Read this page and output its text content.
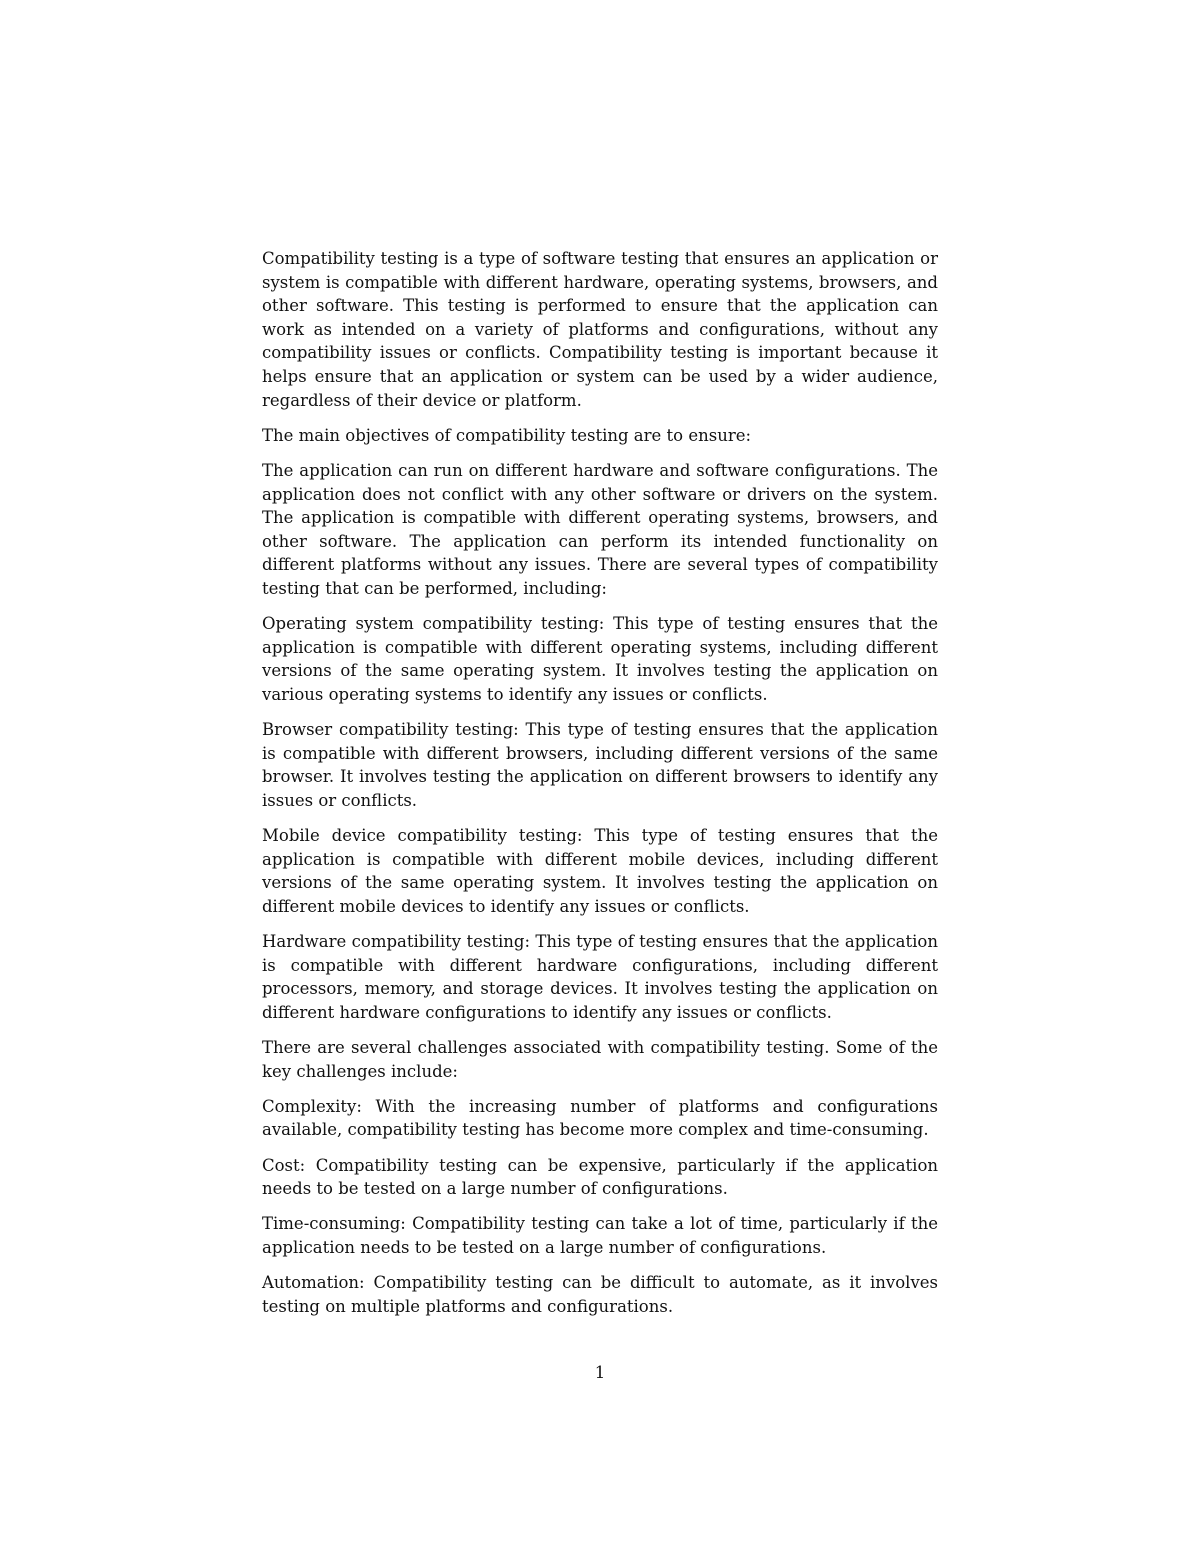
Compatibility testing is a type of software testing that ensures an application or system is compatible with different hardware, operating systems, browsers, and other software. This testing is performed to ensure that the application can work as intended on a variety of platforms and configurations, without any compatibility issues or conflicts. Compatibility testing is important because it helps ensure that an application or system can be used by a wider audience, regardless of their device or platform.

The main objectives of compatibility testing are to ensure:

The application can run on different hardware and software configurations. The application does not conflict with any other software or drivers on the system. The application is compatible with different operating systems, browsers, and other software. The application can perform its intended functionality on different platforms without any issues. There are several types of compatibility testing that can be performed, including:

Operating system compatibility testing: This type of testing ensures that the application is compatible with different operating systems, including different versions of the same operating system. It involves testing the application on various operating systems to identify any issues or conflicts.

Browser compatibility testing: This type of testing ensures that the application is compatible with different browsers, including different versions of the same browser. It involves testing the application on different browsers to identify any issues or conflicts.

Mobile device compatibility testing: This type of testing ensures that the application is compatible with different mobile devices, including different versions of the same operating system. It involves testing the application on different mobile devices to identify any issues or conflicts.

Hardware compatibility testing: This type of testing ensures that the application is compatible with different hardware configurations, including different processors, memory, and storage devices. It involves testing the application on different hardware configurations to identify any issues or conflicts.

There are several challenges associated with compatibility testing. Some of the key challenges include:

Complexity: With the increasing number of platforms and configurations available, compatibility testing has become more complex and time-consuming.

Cost: Compatibility testing can be expensive, particularly if the application needs to be tested on a large number of configurations.

Time-consuming: Compatibility testing can take a lot of time, particularly if the application needs to be tested on a large number of configurations.

Automation: Compatibility testing can be difficult to automate, as it involves testing on multiple platforms and configurations.

1
